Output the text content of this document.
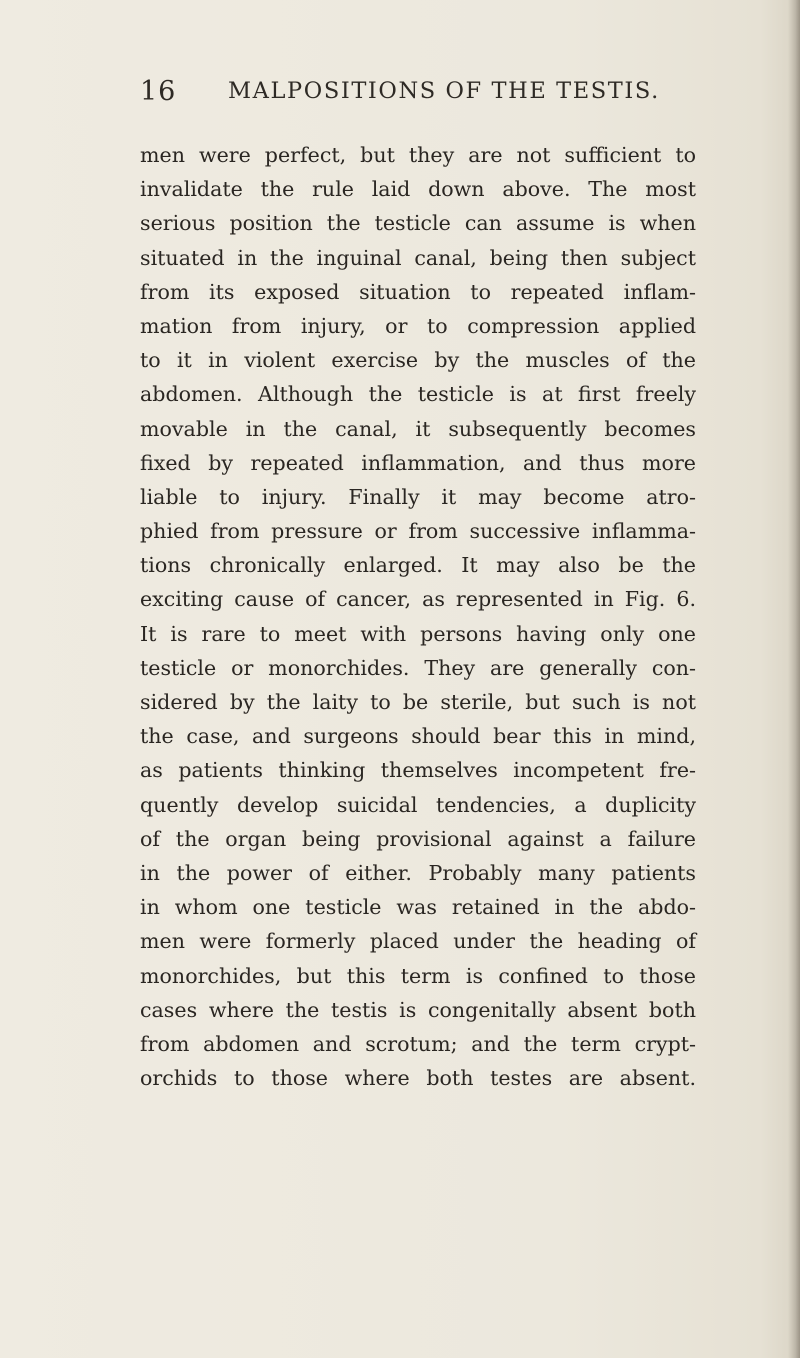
16 MALPOSITIONS OF THE TESTIS.
men were perfect, but they are not sufficient to
invalidate the rule laid down above. The most
serious position the testicle can assume is when
situated in the inguinal canal, being then subject
from its exposed situation to repeated inflam-
mation from injury, or to compression applied
to it in violent exercise by the muscles of the
abdomen. Although the testicle is at first freely
movable in the canal, it subsequently becomes
fixed by repeated inflammation, and thus more
liable to injury. Finally it may become atro-
phied from pressure or from successive inflamma-
tions chronically enlarged. It may also be the
exciting cause of cancer, as represented in Fig. 6.
It is rare to meet with persons having only one
testicle or monorchides. They are generally con-
sidered by the laity to be sterile, but such is not
the case, and surgeons should bear this in mind,
as patients thinking themselves incompetent fre-
quently develop suicidal tendencies, a duplicity
of the organ being provisional against a failure
in the power of either. Probably many patients
in whom one testicle was retained in the abdo-
men were formerly placed under the heading of
monorchides, but this term is confined to those
cases where the testis is congenitally absent both
from abdomen and scrotum; and the term crypt-
orchids to those where both testes are absent.
